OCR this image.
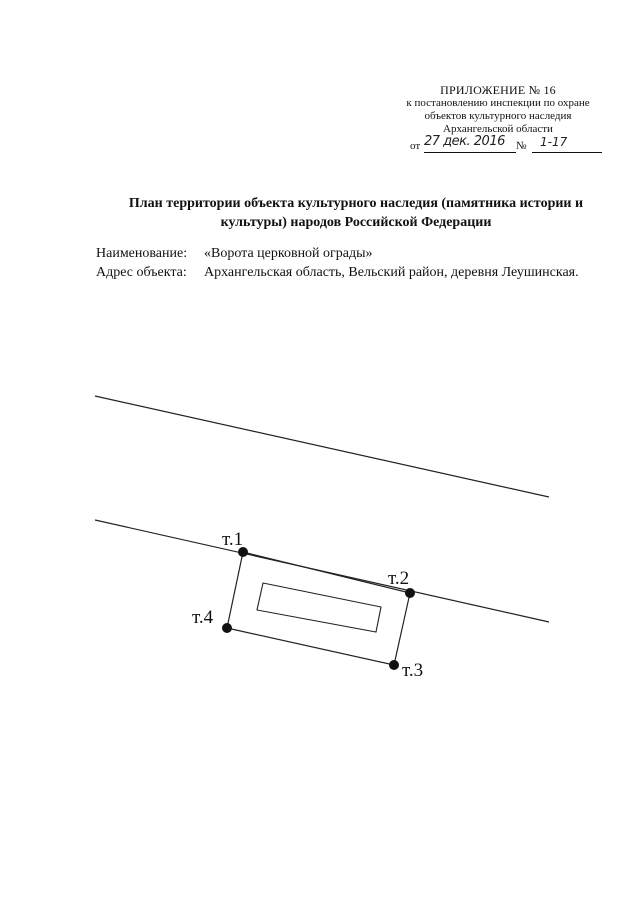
ПРИЛОЖЕНИЕ № 16
к постановлению инспекции по охране
объектов культурного наследия
Архангельской области
от 27 дек. 2016 № 1-17
План территории объекта культурного наследия (памятника истории и культуры) народов Российской Федерации
Наименование:	«Ворота церковной ограды»
Адрес объекта:	Архангельская область, Вельский район, деревня Леушинская.
т.1
т.2
т.3
т.4
